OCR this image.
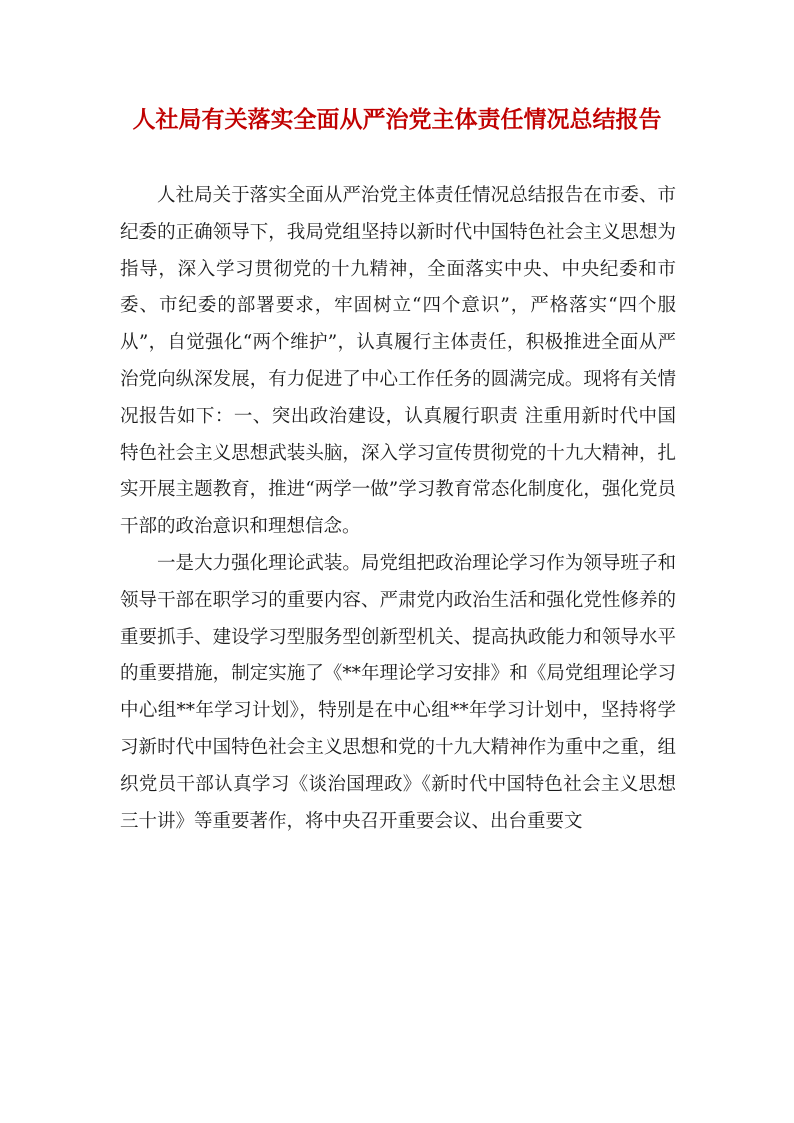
人社局有关落实全面从严治党主体责任情况总结报告

人社局关于落实全面从严治党主体责任情况总结报告在市委、市纪委的正确领导下，我局党组坚持以新时代中国特色社会主义思想为指导，深入学习贯彻党的十九精神，全面落实中央、中央纪委和市委、市纪委的部署要求，牢固树立“四个意识”，严格落实“四个服从”，自觉强化“两个维护”，认真履行主体责任，积极推进全面从严治党向纵深发展，有力促进了中心工作任务的圆满完成。现将有关情况报告如下：一、突出政治建设，认真履行职责 注重用新时代中国特色社会主义思想武装头脑，深入学习宣传贯彻党的十九大精神，扎实开展主题教育，推进“两学一做”学习教育常态化制度化，强化党员干部的政治意识和理想信念。

一是大力强化理论武装。局党组把政治理论学习作为领导班子和领导干部在职学习的重要内容、严肃党内政治生活和强化党性修养的重要抓手、建设学习型服务型创新型机关、提高执政能力和领导水平的重要措施，制定实施了《**年理论学习安排》和《局党组理论学习中心组**年学习计划》，特别是在中心组**年学习计划中，坚持将学习新时代中国特色社会主义思想和党的十九大精神作为重中之重，组织党员干部认真学习《谈治国理政》《新时代中国特色社会主义思想三十讲》等重要著作，将中央召开重要会议、出台重要文
